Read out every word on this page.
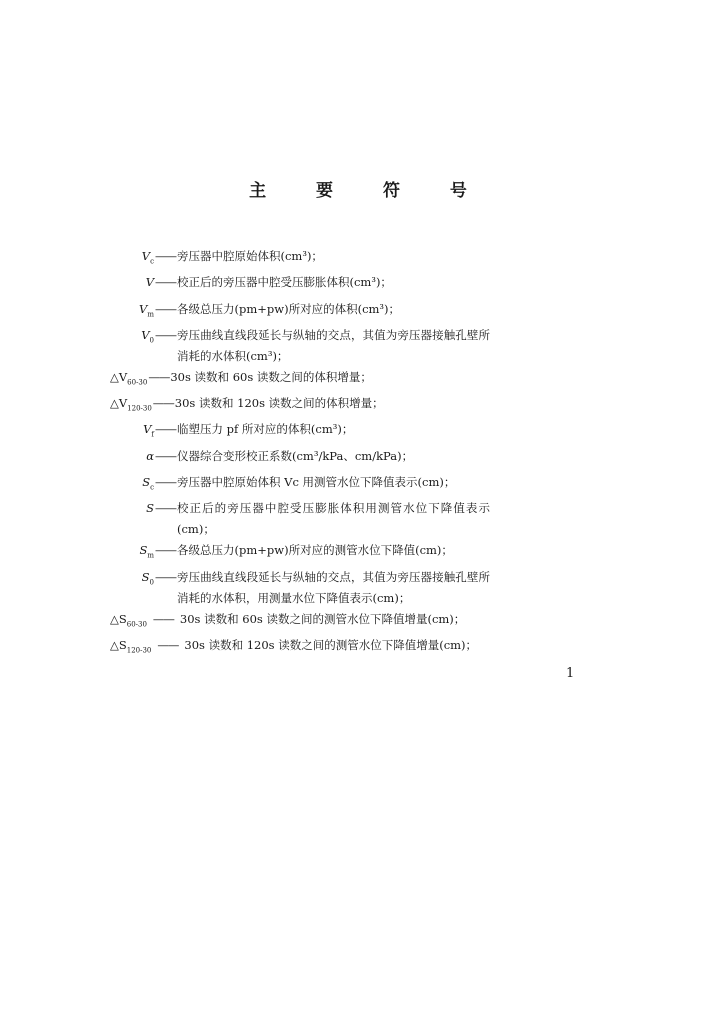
主 要 符 号
$V_c$ —— 旁压器中腔原始体积(cm³)；
V —— 校正后的旁压器中腔受压膨胀体积(cm³)；
$V_m$ —— 各级总压力(pm+pw)所对应的体积(cm³)；
$V_0$ —— 旁压曲线直线段延长与纵轴的交点，其值为旁压器接触孔壁所消耗的水体积(cm³)；
$\triangle V_{60-30}$ —— 30s 读数和 60s 读数之间的体积增量；
$\triangle V_{120-30}$ —— 30s 读数和 120s 读数之间的体积增量；
$V_f$ —— 临塑压力 pf 所对应的体积(cm³)；
α —— 仪器综合变形校正系数(cm³/kPa、cm/kPa)；
$S_c$ —— 旁压器中腔原始体积 Vc 用测管水位下降值表示(cm)；
S —— 校正后的旁压器中腔受压膨胀体积用测管水位下降值表示(cm)；
$S_m$ —— 各级总压力(pm+pw)所对应的测管水位下降值(cm)；
$S_0$ —— 旁压曲线直线段延长与纵轴的交点，其值为旁压器接触孔壁所消耗的水体积，用测量水位下降值表示(cm)；
$\triangle S_{60-30}$ —— 30s 读数和 60s 读数之间的测管水位下降值增量(cm)；
$\triangle S_{120-30}$ —— 30s 读数和 120s 读数之间的测管水位下降值增量(cm)；
1
